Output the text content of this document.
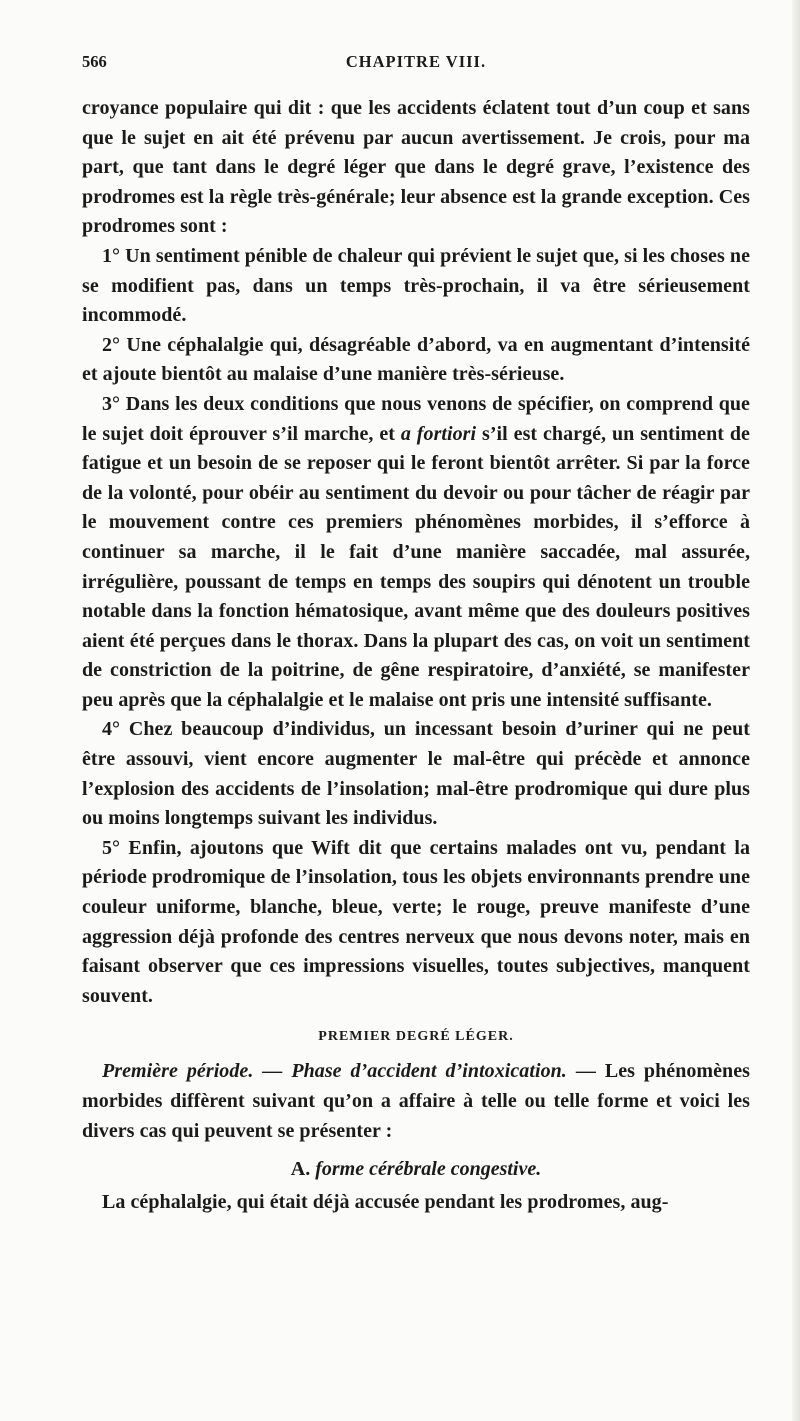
566	CHAPITRE VIII.

croyance populaire qui dit : que les accidents éclatent tout d’un coup et sans que le sujet en ait été prévenu par aucun avertissement. Je crois, pour ma part, que tant dans le degré léger que dans le degré grave, l’existence des prodromes est la règle très-générale; leur absence est la grande exception. Ces prodromes sont :

1° Un sentiment pénible de chaleur qui prévient le sujet que, si les choses ne se modifient pas, dans un temps très-prochain, il va être sérieusement incommodé.

2° Une céphalalgie qui, désagréable d’abord, va en augmentant d’intensité et ajoute bientôt au malaise d’une manière très-sérieuse.

3° Dans les deux conditions que nous venons de spécifier, on comprend que le sujet doit éprouver s’il marche, et a fortiori s’il est chargé, un sentiment de fatigue et un besoin de se reposer qui le feront bientôt arrêter. Si par la force de la volonté, pour obéir au sentiment du devoir ou pour tâcher de réagir par le mouvement contre ces premiers phénomènes morbides, il s’efforce à continuer sa marche, il le fait d’une manière saccadée, mal assurée, irrégulière, poussant de temps en temps des soupirs qui dénotent un trouble notable dans la fonction hématosique, avant même que des douleurs positives aient été perçues dans le thorax. Dans la plupart des cas, on voit un sentiment de constriction de la poitrine, de gêne respiratoire, d’anxiété, se manifester peu après que la céphalalgie et le malaise ont pris une intensité suffisante.

4° Chez beaucoup d’individus, un incessant besoin d’uriner qui ne peut être assouvi, vient encore augmenter le mal-être qui précède et annonce l’explosion des accidents de l’insolation; mal-être prodromique qui dure plus ou moins longtemps suivant les individus.

5° Enfin, ajoutons que Wift dit que certains malades ont vu, pendant la période prodromique de l’insolation, tous les objets environnants prendre une couleur uniforme, blanche, bleue, verte; le rouge, preuve manifeste d’une aggression déjà profonde des centres nerveux que nous devons noter, mais en faisant observer que ces impressions visuelles, toutes subjectives, manquent souvent.

PREMIER DEGRÉ LÉGER.

Première période. — Phase d’accident d’intoxication. — Les phénomènes morbides diffèrent suivant qu’on a affaire à telle ou telle forme et voici les divers cas qui peuvent se présenter :

A. forme cérébrale congestive.

La céphalalgie, qui était déjà accusée pendant les prodromes, aug-
